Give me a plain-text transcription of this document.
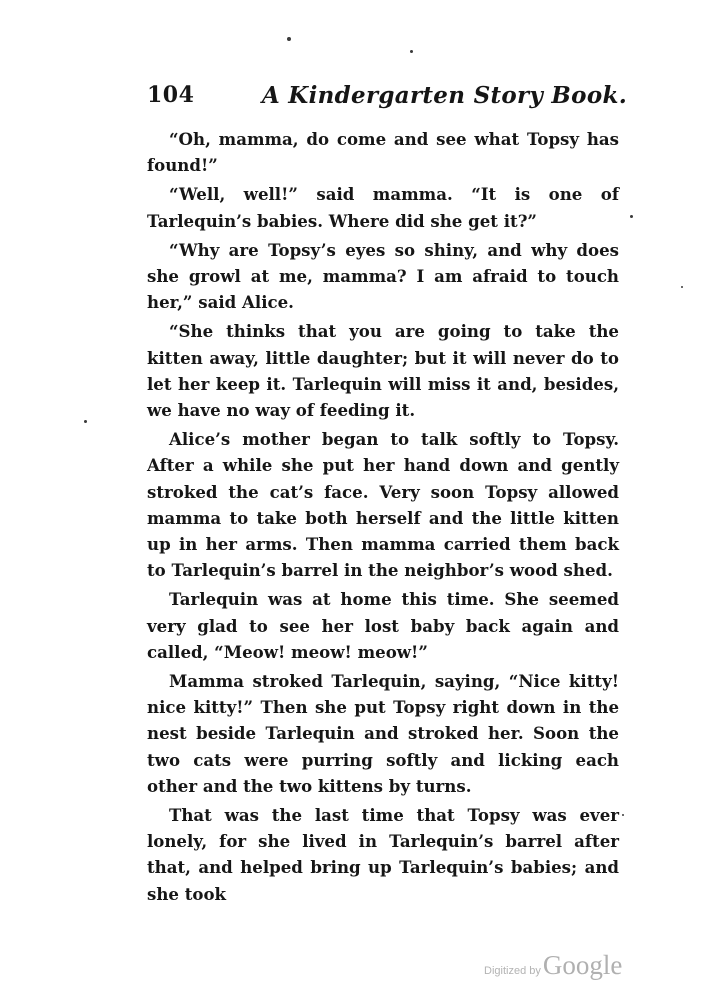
104	A Kindergarten Story Book.

“Oh, mamma, do come and see what Topsy has found!”

“Well, well!” said mamma. “It is one of Tarlequin’s babies. Where did she get it?”

“Why are Topsy’s eyes so shiny, and why does she growl at me, mamma? I am afraid to touch her,” said Alice.

“She thinks that you are going to take the kitten away, little daughter; but it will never do to let her keep it. Tarlequin will miss it and, besides, we have no way of feeding it.

Alice’s mother began to talk softly to Topsy. After a while she put her hand down and gently stroked the cat’s face. Very soon Topsy allowed mamma to take both herself and the little kitten up in her arms. Then mamma carried them back to Tarlequin’s barrel in the neighbor’s wood shed.

Tarlequin was at home this time. She seemed very glad to see her lost baby back again and called, “Meow! meow! meow!”

Mamma stroked Tarlequin, saying, “Nice kitty! nice kitty!” Then she put Topsy right down in the nest beside Tarlequin and stroked her. Soon the two cats were purring softly and licking each other and the two kittens by turns.

That was the last time that Topsy was ever lonely, for she lived in Tarlequin’s barrel after that, and helped bring up Tarlequin’s babies; and she took

Digitized by Google
